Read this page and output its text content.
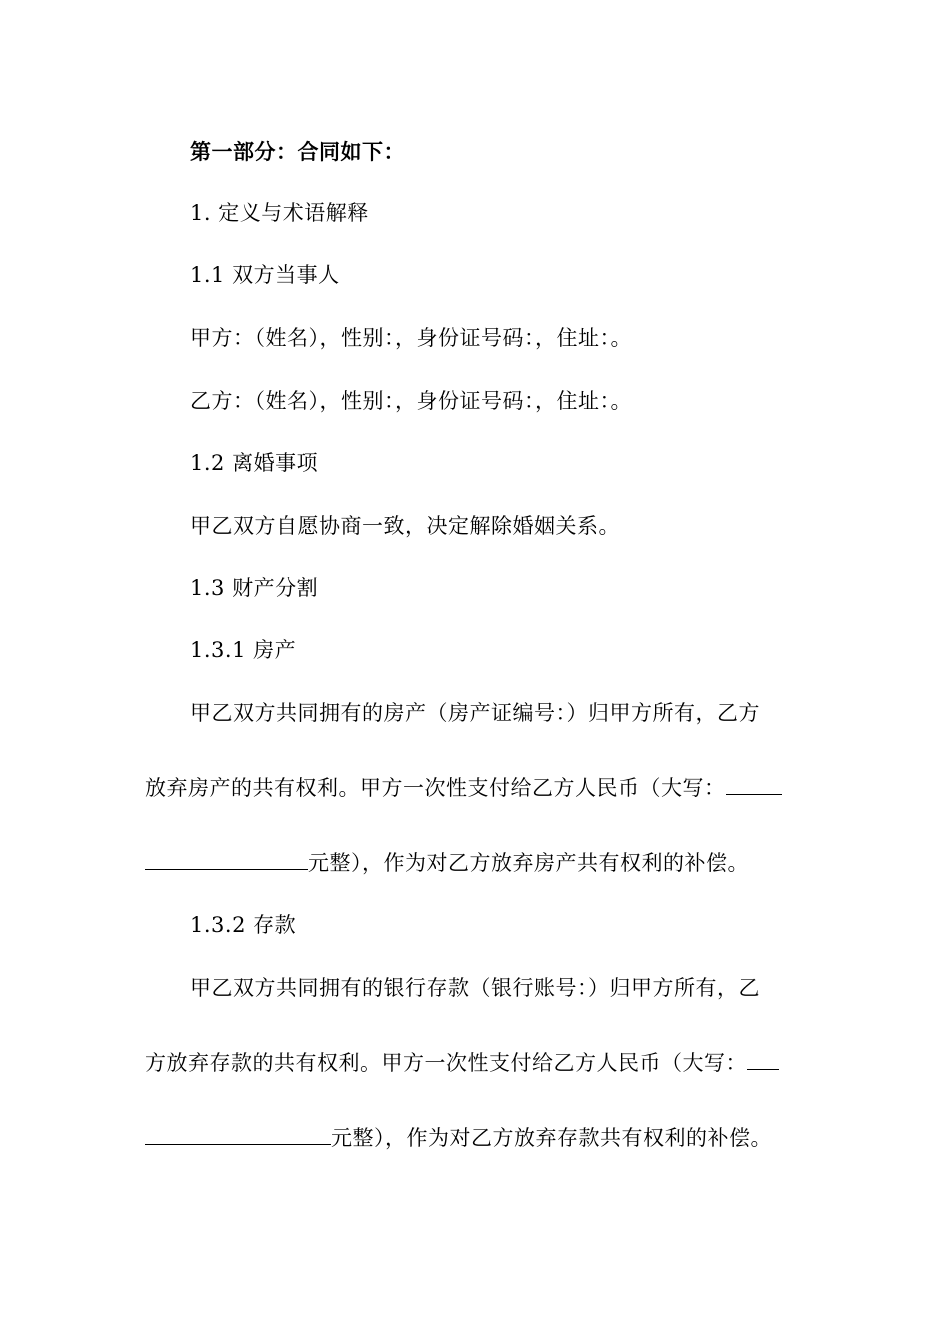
第一部分：合同如下：
1. 定义与术语解释
1.1 双方当事人
甲方：（姓名），性别：，身份证号码：，住址：。
乙方：（姓名），性别：，身份证号码：，住址：。
1.2 离婚事项
甲乙双方自愿协商一致，决定解除婚姻关系。
1.3 财产分割
1.3.1 房产
甲乙双方共同拥有的房产（房产证编号：）归甲方所有，乙方
放弃房产的共有权利。甲方一次性支付给乙方人民币（大写：
元整），作为对乙方放弃房产共有权利的补偿。
1.3.2 存款
甲乙双方共同拥有的银行存款（银行账号：）归甲方所有，乙
方放弃存款的共有权利。甲方一次性支付给乙方人民币（大写：
元整），作为对乙方放弃存款共有权利的补偿。
